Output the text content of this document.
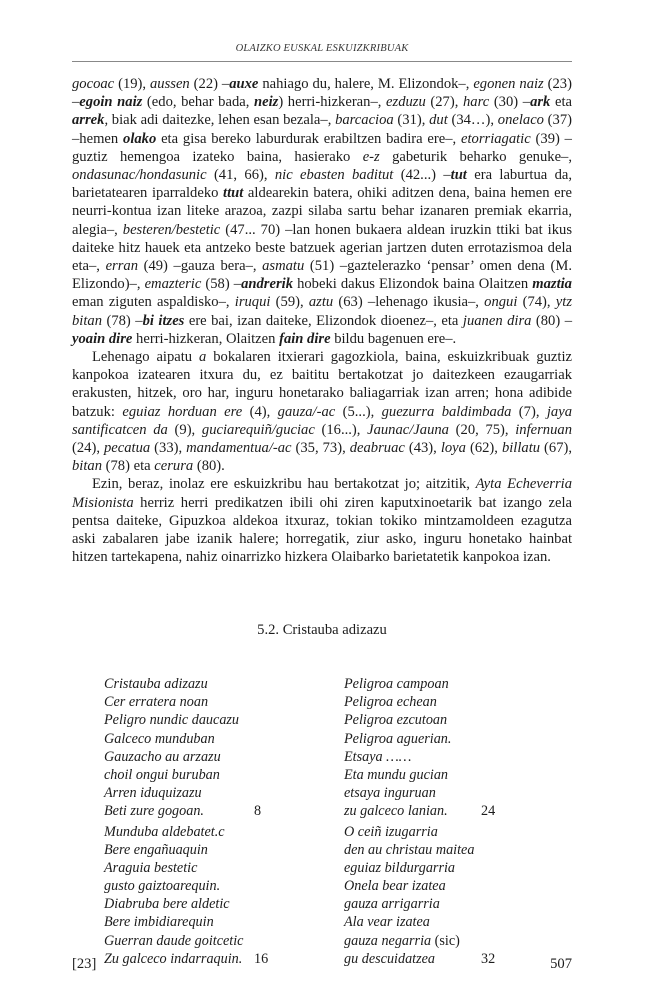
OLAIZKO EUSKAL ESKUIZKRIBUAK

gocoac (19), aussen (22) –auxe nahiago du, halere, M. Elizondok–, egonen naiz (23) –egoin naiz (edo, behar bada, neiz) herri-hizkeran–, ezduzu (27), harc (30) –ark eta arrek, biak adi daitezke, lehen esan bezala–, barcacioa (31), dut (34…), onelaco (37) –hemen olako eta gisa bereko laburdurak erabiltzen badira ere–, etorriagatic (39) –guztiz hemengoa izateko baina, hasierako e-z gabeturik beharko genuke–, ondasunac/hondasunic (41, 66), nic ebasten baditut (42...) –tut era laburtua da, barietatearen iparraldeko ttut aldearekin batera, ohiki aditzen dena, baina hemen ere neurri-kontua izan liteke arazoa, zazpi silaba sartu behar izanaren premiak ekarria, alegia–, besteren/bestetic (47... 70) –lan honen bukaera aldean iruzkin ttiki bat ikus daiteke hitz hauek eta antzeko beste batzuek agerian jartzen duten errotazismoa dela eta–, erran (49) –gauza bera–, asmatu (51) –gaztelerazko ‘pensar’ omen dena (M. Elizondo)–, emazteric (58) –andrerik hobeki dakus Elizondok baina Olaitzen maztia eman ziguten aspaldisko–, iruqui (59), aztu (63) –lehenago ikusia–, ongui (74), ytz bitan (78) –bi itzes ere bai, izan daiteke, Elizondok dioenez–, eta juanen dira (80) –yoain dire herri-hizkeran, Olaitzen fain dire bildu bagenuen ere–.

Lehenago aipatu a bokalaren itxierari gagozkiola, baina, eskuizkribuak guztiz kanpokoa izatearen itxura du, ez baititu bertakotzat jo daitezkeen ezaugarriak erakusten, hitzek, oro har, inguru honetarako baliagarriak izan arren; hona adibide batzuk: eguiaz horduan ere (4), gauza/-ac (5...), guezurra baldimbada (7), jaya santificatcen da (9), guciarequiñ/guciac (16...), Jaunac/Jauna (20, 75), infernuan (24), pecatua (33), mandamentua/-ac (35, 73), deabruac (43), loya (62), billatu (67), bitan (78) eta cerura (80).

Ezin, beraz, inolaz ere eskuizkribu hau bertakotzat jo; aitzitik, Ayta Echeverria Misionista herriz herri predikatzen ibili ohi ziren kaputxinoetarik bat izango zela pentsa daiteke, Gipuzkoa aldekoa itxuraz, tokian tokiko mintzamoldeen ezagutza aski zabalaren jabe izanik halere; horregatik, ziur asko, inguru honetako hainbat hitzen tartekapena, nahiz oinarrizko hizkera Olaibarko barietatetik kanpokoa izan.

5.2. Cristauba adizazu
Cristauba adizazu
Cer erratera noan
Peligro nundic daucazu
Galceco munduban
Gauzacho au arzazu
choil ongui buruban
Arren iduquizazu
Beti zure gogoan.	8
Munduba aldebatet.c
Bere engañuaquin
Araguia bestetic
gusto gaiztoarequin.
Diabruba bere aldetic
Bere imbidiarequin
Guerran daude goitcetic
Zu galceco indarraquin. 16
Peligroa campoan
Peligroa echean
Peligroa ezcutoan
Peligroa aguerian.
Etsaya ……
Eta mundu gucian
etsaya inguruan
zu galceco lanian. 24
O ceiñ izugarria
den au christau maitea
eguiaz bildurgarria
Onela bear izatea
gauza arrigarria
Ala vear izatea
gauza negarria (sic)
gu descuidatzea	32
[23]	507
